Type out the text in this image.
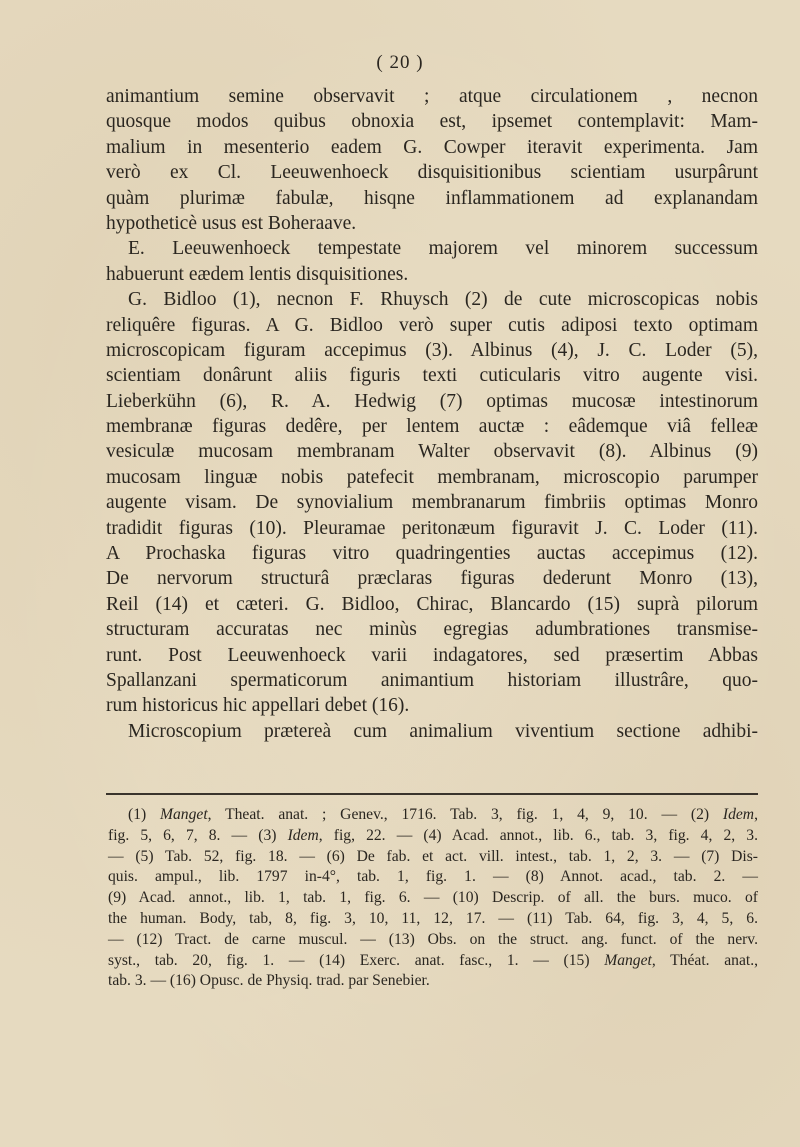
( 20 )
animantium semine observavit ; atque circulationem , necnon
quosque modos quibus obnoxia est, ipsemet contemplavit: Mam-
malium in mesenterio eadem G. Cowper iteravit experimenta. Jam
verò ex Cl. Leeuwenhoeck disquisitionibus scientiam usurpârunt
quàm plurimæ fabulæ, hisqne inflammationem ad explanandam
hypotheticè usus est Boheraave.
E. Leeuwenhoeck tempestate majorem vel minorem successum
habuerunt eædem lentis disquisitiones.
G. Bidloo (1), necnon F. Rhuysch (2) de cute microscopicas nobis
reliquêre figuras. A G. Bidloo verò super cutis adiposi texto optimam
microscopicam figuram accepimus (3). Albinus (4), J. C. Loder (5),
scientiam donârunt aliis figuris texti cuticularis vitro augente visi.
Lieberkühn (6), R. A. Hedwig (7) optimas mucosæ intestinorum
membranæ figuras dedêre, per lentem auctæ : eâdemque viâ felleæ
vesiculæ mucosam membranam Walter observavit (8). Albinus (9)
mucosam linguæ nobis patefecit membranam, microscopio parumper
augente visam. De synovialium membranarum fimbriis optimas Monro
tradidit figuras (10). Pleuramae peritonæum figuravit J. C. Loder (11).
A Prochaska figuras vitro quadringenties auctas accepimus (12).
De nervorum structurâ præclaras figuras dederunt Monro (13),
Reil (14) et cæteri. G. Bidloo, Chirac, Blancardo (15) suprà pilorum
structuram accuratas nec minùs egregias adumbrationes transmise-
runt. Post Leeuwenhoeck varii indagatores, sed præsertim Abbas
Spallanzani spermaticorum animantium historiam illustrâre, quo-
rum historicus hic appellari debet (16).
Microscopium prætereà cum animalium viventium sectione adhibi-
(1) Manget, Theat. anat. ; Genev., 1716. Tab. 3, fig. 1, 4, 9, 10. — (2) Idem,
fig. 5, 6, 7, 8. — (3) Idem, fig, 22. — (4) Acad. annot., lib. 6., tab. 3, fig. 4, 2, 3.
— (5) Tab. 52, fig. 18. — (6) De fab. et act. vill. intest., tab. 1, 2, 3. — (7) Dis-
quis. ampul., lib. 1797 in-4°, tab. 1, fig. 1. — (8) Annot. acad., tab. 2. —
(9) Acad. annot., lib. 1, tab. 1, fig. 6. — (10) Descrip. of all. the burs. muco. of
the human. Body, tab, 8, fig. 3, 10, 11, 12, 17. — (11) Tab. 64, fig. 3, 4, 5, 6.
— (12) Tract. de carne muscul. — (13) Obs. on the struct. ang. funct. of the nerv.
syst., tab. 20, fig. 1. — (14) Exerc. anat. fasc., 1. — (15) Manget, Théat. anat.,
tab. 3. — (16) Opusc. de Physiq. trad. par Senebier.
